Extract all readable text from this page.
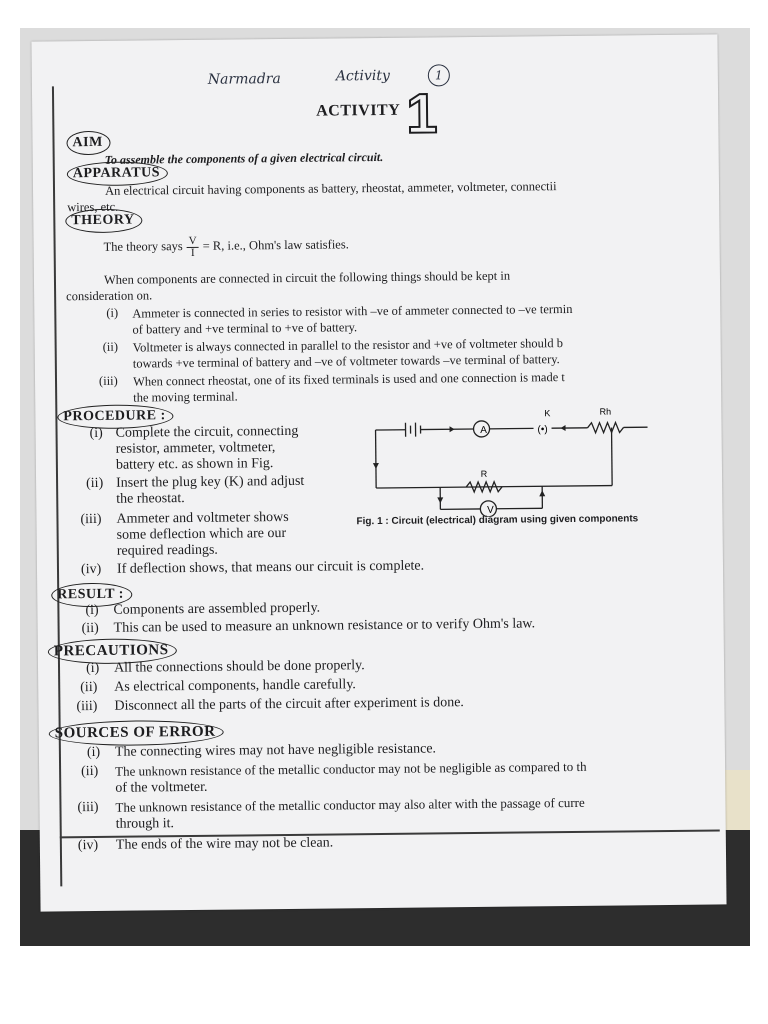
Narmadra	Activity	1
ACTIVITY 1
AIM
To assemble the components of a given electrical circuit.
APPARATUS
An electrical circuit having components as battery, rheostat, ammeter, voltmeter, connectii
wires, etc.
THEORY
The theory says $\frac{V}{I} = R$, i.e., Ohm's law satisfies.
When components are connected in circuit the following things should be kept in
consideration on.
(i) Ammeter is connected in series to resistor with –ve of ammeter connected to –ve termin
of battery and +ve terminal to +ve of battery.
(ii) Voltmeter is always connected in parallel to the resistor and +ve of voltmeter should b
towards +ve terminal of battery and –ve of voltmeter towards –ve terminal of battery.
(iii) When connect rheostat, one of its fixed terminals is used and one connection is made t
the moving terminal.
PROCEDURE :
(i) Complete the circuit, connecting
resistor, ammeter, voltmeter,
battery etc. as shown in Fig.
(ii) Insert the plug key (K) and adjust
the rheostat.
(iii) Ammeter and voltmeter shows
some deflection which are our
required readings.
(iv) If deflection shows, that means our circuit is complete.
A
V
(•)
K	Rh
R
Fig. 1 : Circuit (electrical) diagram using given components
RESULT :
(i) Components are assembled properly.
(ii) This can be used to measure an unknown resistance or to verify Ohm's law.
PRECAUTIONS
(i) All the connections should be done properly.
(ii) As electrical components, handle carefully.
(iii) Disconnect all the parts of the circuit after experiment is done.
SOURCES OF ERROR
(i) The connecting wires may not have negligible resistance.
(ii) The unknown resistance of the metallic conductor may not be negligible as compared to th
of the voltmeter.
(iii) The unknown resistance of the metallic conductor may also alter with the passage of curre
through it.
(iv) The ends of the wire may not be clean.
